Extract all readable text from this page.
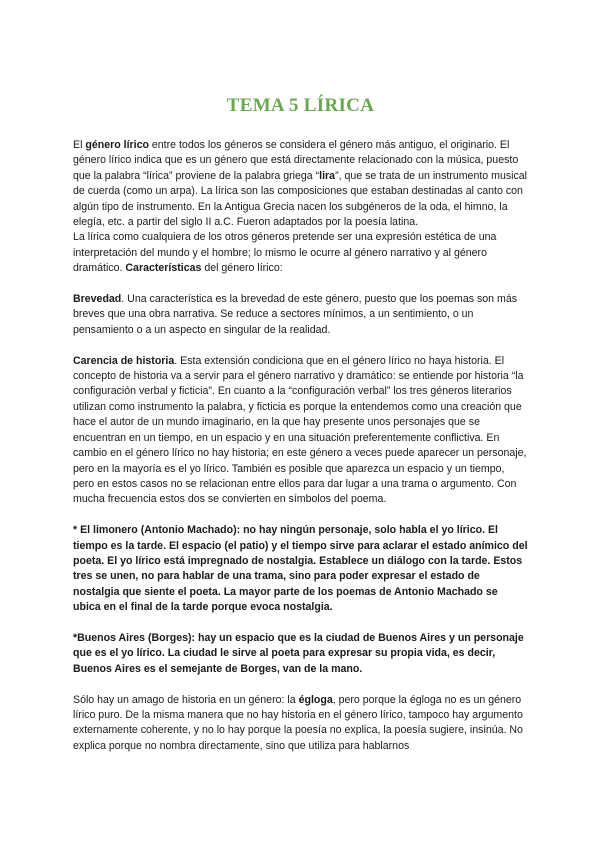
TEMA 5 LÍRICA

El género lírico entre todos los géneros se considera el género más antiguo, el originario. El género lírico indica que es un género que está directamente relacionado con la música, puesto que la palabra “lírica” proviene de la palabra griega “lira”, que se trata de un instrumento musical de cuerda (como un arpa). La lírica son las composiciones que estaban destinadas al canto con algún tipo de instrumento. En la Antigua Grecia nacen los subgéneros de la oda, el himno, la elegía, etc. a partir del siglo II a.C. Fueron adaptados por la poesía latina.

La lírica como cualquiera de los otros géneros pretende ser una expresión estética de una interpretación del mundo y el hombre; lo mismo le ocurre al género narrativo y al género dramático. Características del género lírico:

Brevedad. Una característica es la brevedad de este género, puesto que los poemas son más breves que una obra narrativa. Se reduce a sectores mínimos, a un sentimiento, o un pensamiento o a un aspecto en singular de la realidad.

Carencia de historia. Esta extensión condiciona que en el género lírico no haya historia. El concepto de historia va a servir para el género narrativo y dramático: se entiende por historia “la configuración verbal y ficticia”. En cuanto a la “configuración verbal” los tres géneros literarios utilizan como instrumento la palabra, y ficticia es porque la entendemos como una creación que hace el autor de un mundo imaginario, en la que hay presente unos personajes que se encuentran en un tiempo, en un espacio y en una situación preferentemente conflictiva. En cambio en el género lírico no hay historia; en este género a veces puede aparecer un personaje, pero en la mayoría es el yo lírico. También es posible que aparezca un espacio y un tiempo, pero en estos casos no se relacionan entre ellos para dar lugar a una trama o argumento. Con mucha frecuencia estos dos se convierten en símbolos del poema.

* El limonero (Antonio Machado): no hay ningún personaje, solo habla el yo lírico. El tiempo es la tarde. El espacio (el patio) y el tiempo sirve para aclarar el estado anímico del poeta. El yo lírico está impregnado de nostalgia. Establece un diálogo con la tarde. Estos tres se unen, no para hablar de una trama, sino para poder expresar el estado de nostalgia que siente el poeta. La mayor parte de los poemas de Antonio Machado se ubica en el final de la tarde porque evoca nostalgia.

*Buenos Aires (Borges): hay un espacio que es la ciudad de Buenos Aires y un personaje que es el yo lírico. La ciudad le sirve al poeta para expresar su propia vida, es decir, Buenos Aires es el semejante de Borges, van de la mano.

Sólo hay un amago de historia en un género: la égloga, pero porque la égloga no es un género lírico puro. De la misma manera que no hay historia en el género lírico, tampoco hay argumento externamente coherente, y no lo hay porque la poesía no explica, la poesía sugiere, insinúa. No explica porque no nombra directamente, sino que utiliza para hablarnos
